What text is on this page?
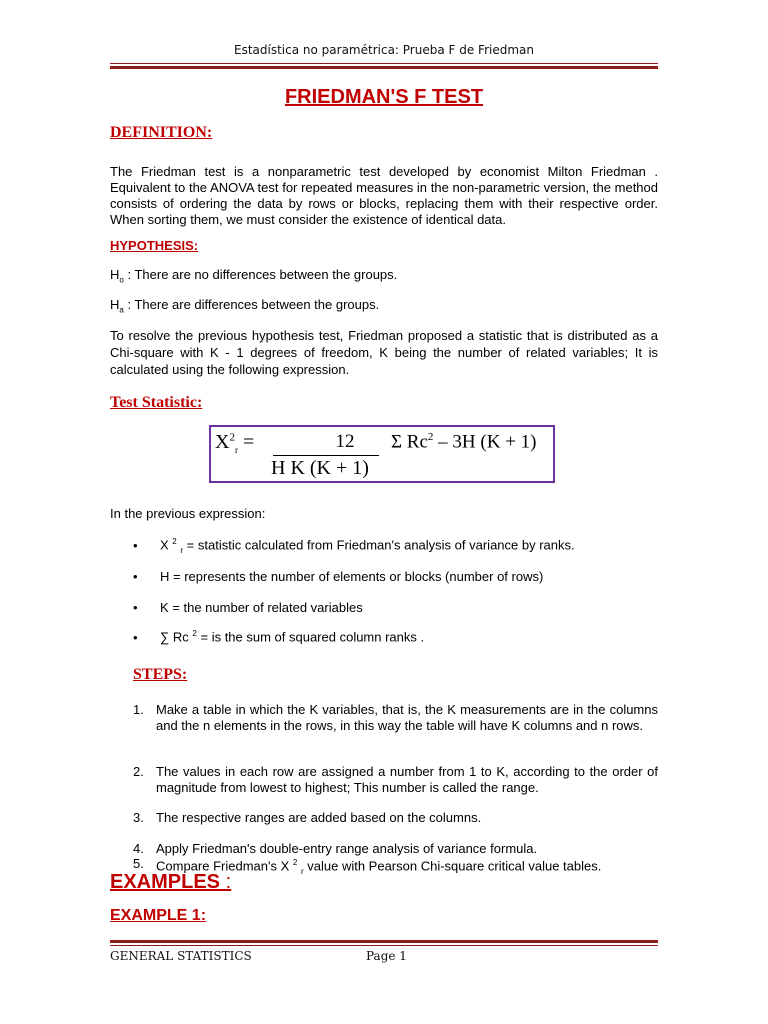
Estadística no paramétrica: Prueba F de Friedman
FRIEDMAN'S F TEST
DEFINITION:
The Friedman test is a nonparametric test developed by economist Milton Friedman . Equivalent to the ANOVA test for repeated measures in the non-parametric version, the method consists of ordering the data by rows or blocks, replacing them with their respective order. When sorting them, we must consider the existence of identical data.
HYPOTHESIS:
$H_o$ : There are no differences between the groups.
$H_a$ : There are differences between the groups.
To resolve the previous hypothesis test, Friedman proposed a statistic that is distributed as a Chi-square with K - 1 degrees of freedom, K being the number of related variables; It is calculated using the following expression.
Test Statistic:
$X^2_r$ =	12
H K (K + 1)
Σ Rc$^2$ – 3H (K + 1)
In the previous expression:
• X $^2$ $_r$ = statistic calculated from Friedman's analysis of variance by ranks.
• H = represents the number of elements or blocks (number of rows)
• K = the number of related variables
• ∑ Rc $^2$ = is the sum of squared column ranks .
STEPS:
1. Make a table in which the K variables, that is, the K measurements are in the columns and the n elements in the rows, in this way the table will have K columns and n rows.
2. The values in each row are assigned a number from 1 to K, according to the order of magnitude from lowest to highest; This number is called the range.
3. The respective ranges are added based on the columns.
4. Apply Friedman's double-entry range analysis of variance formula.
5. Compare Friedman's X $^2$ $_r$ value with Pearson Chi-square critical value tables.
EXAMPLES :
EXAMPLE 1:
GENERAL STATISTICS	Page 1
